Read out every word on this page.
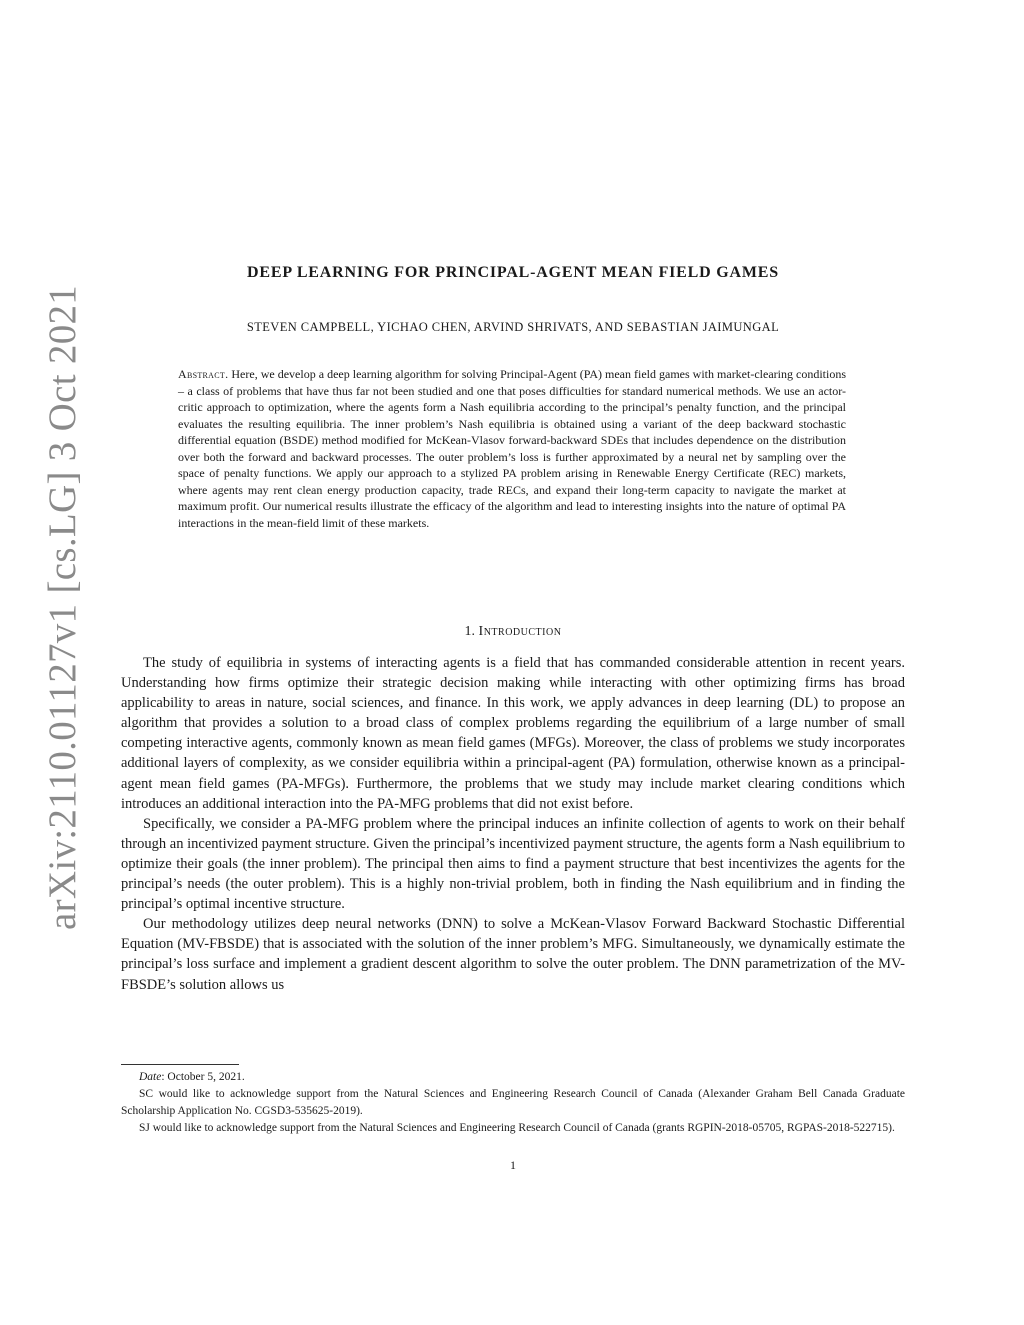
arXiv:2110.01127v1 [cs.LG] 3 Oct 2021
DEEP LEARNING FOR PRINCIPAL-AGENT MEAN FIELD GAMES
STEVEN CAMPBELL, YICHAO CHEN, ARVIND SHRIVATS, AND SEBASTIAN JAIMUNGAL
Abstract. Here, we develop a deep learning algorithm for solving Principal-Agent (PA) mean field games with market-clearing conditions – a class of problems that have thus far not been studied and one that poses difficulties for standard numerical methods. We use an actor-critic approach to optimization, where the agents form a Nash equilibria according to the principal’s penalty function, and the principal evaluates the resulting equilibria. The inner problem’s Nash equilibria is obtained using a variant of the deep backward stochastic differential equation (BSDE) method modified for McKean-Vlasov forward-backward SDEs that includes dependence on the distribution over both the forward and backward processes. The outer problem’s loss is further approximated by a neural net by sampling over the space of penalty functions. We apply our approach to a stylized PA problem arising in Renewable Energy Certificate (REC) markets, where agents may rent clean energy production capacity, trade RECs, and expand their long-term capacity to navigate the market at maximum profit. Our numerical results illustrate the efficacy of the algorithm and lead to interesting insights into the nature of optimal PA interactions in the mean-field limit of these markets.
1. Introduction

The study of equilibria in systems of interacting agents is a field that has commanded considerable attention in recent years. Understanding how firms optimize their strategic decision making while interacting with other optimizing firms has broad applicability to areas in nature, social sciences, and finance. In this work, we apply advances in deep learning (DL) to propose an algorithm that provides a solution to a broad class of complex problems regarding the equilibrium of a large number of small competing interactive agents, commonly known as mean field games (MFGs). Moreover, the class of problems we study incorporates additional layers of complexity, as we consider equilibria within a principal-agent (PA) formulation, otherwise known as a principal-agent mean field games (PA-MFGs). Furthermore, the problems that we study may include market clearing conditions which introduces an additional interaction into the PA-MFG problems that did not exist before.

Specifically, we consider a PA-MFG problem where the principal induces an infinite collection of agents to work on their behalf through an incentivized payment structure. Given the principal’s incentivized payment structure, the agents form a Nash equilibrium to optimize their goals (the inner problem). The principal then aims to find a payment structure that best incentivizes the agents for the principal’s needs (the outer problem). This is a highly non-trivial problem, both in finding the Nash equilibrium and in finding the principal’s optimal incentive structure.

Our methodology utilizes deep neural networks (DNN) to solve a McKean-Vlasov Forward Backward Stochastic Differential Equation (MV-FBSDE) that is associated with the solution of the inner problem’s MFG. Simultaneously, we dynamically estimate the principal’s loss surface and implement a gradient descent algorithm to solve the outer problem. The DNN parametrization of the MV-FBSDE’s solution allows us

Date: October 5, 2021.

SC would like to acknowledge support from the Natural Sciences and Engineering Research Council of Canada (Alexander Graham Bell Canada Graduate Scholarship Application No. CGSD3-535625-2019).

SJ would like to acknowledge support from the Natural Sciences and Engineering Research Council of Canada (grants RGPIN-2018-05705, RGPAS-2018-522715).

1
